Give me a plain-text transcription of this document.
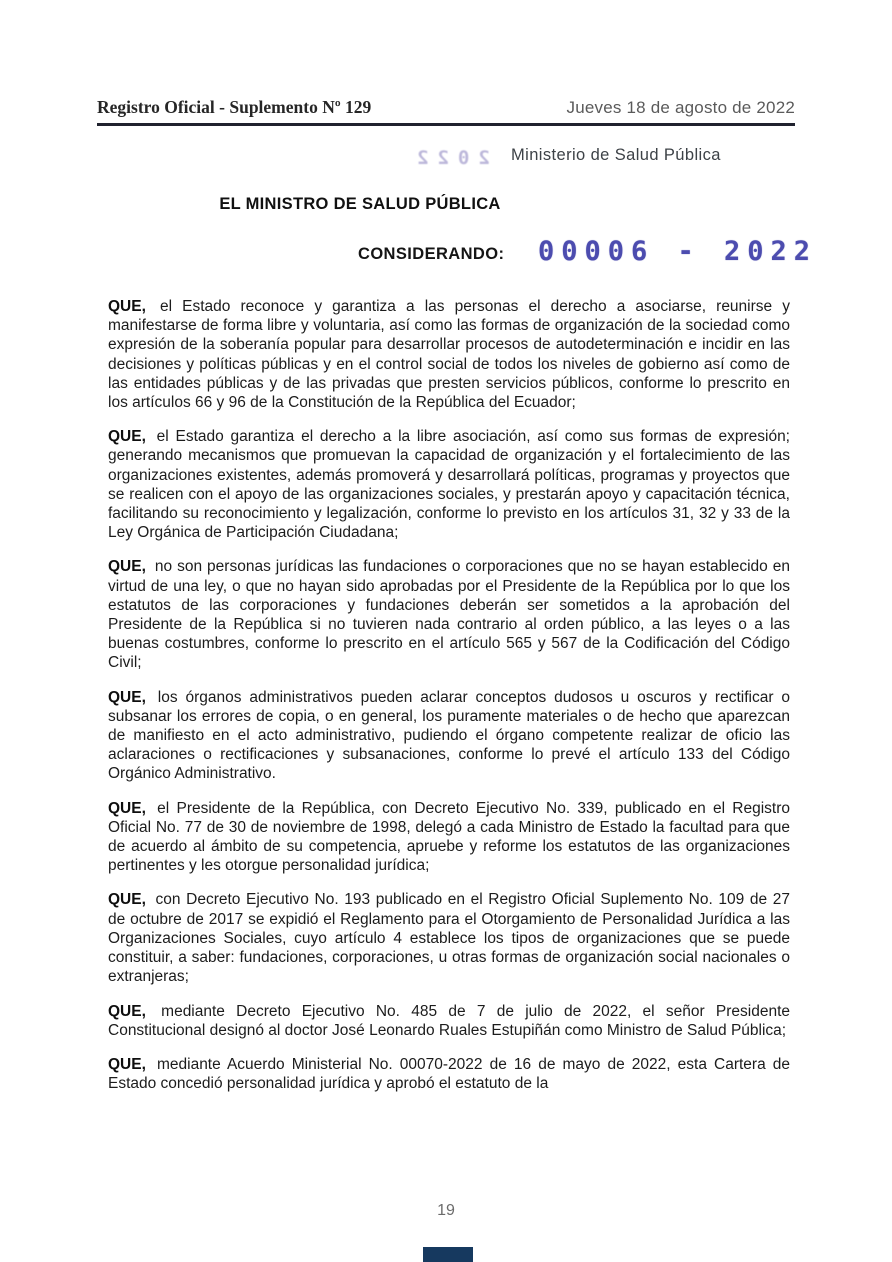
Registro Oficial - Suplemento Nº 129	Jueves 18 de agosto de 2022
2022 Ministerio de Salud Pública
EL MINISTRO DE SALUD PÚBLICA
CONSIDERANDO: 00006 - 2022

QUE, el Estado reconoce y garantiza a las personas el derecho a asociarse, reunirse y manifestarse de forma libre y voluntaria, así como las formas de organización de la sociedad como expresión de la soberanía popular para desarrollar procesos de autodeterminación e incidir en las decisiones y políticas públicas y en el control social de todos los niveles de gobierno así como de las entidades públicas y de las privadas que presten servicios públicos, conforme lo prescrito en los artículos 66 y 96 de la Constitución de la República del Ecuador;

QUE, el Estado garantiza el derecho a la libre asociación, así como sus formas de expresión; generando mecanismos que promuevan la capacidad de organización y el fortalecimiento de las organizaciones existentes, además promoverá y desarrollará políticas, programas y proyectos que se realicen con el apoyo de las organizaciones sociales, y prestarán apoyo y capacitación técnica, facilitando su reconocimiento y legalización, conforme lo previsto en los artículos 31, 32 y 33 de la Ley Orgánica de Participación Ciudadana;

QUE, no son personas jurídicas las fundaciones o corporaciones que no se hayan establecido en virtud de una ley, o que no hayan sido aprobadas por el Presidente de la República por lo que los estatutos de las corporaciones y fundaciones deberán ser sometidos a la aprobación del Presidente de la República si no tuvieren nada contrario al orden público, a las leyes o a las buenas costumbres, conforme lo prescrito en el artículo 565 y 567 de la Codificación del Código Civil;

QUE, los órganos administrativos pueden aclarar conceptos dudosos u oscuros y rectificar o subsanar los errores de copia, o en general, los puramente materiales o de hecho que aparezcan de manifiesto en el acto administrativo, pudiendo el órgano competente realizar de oficio las aclaraciones o rectificaciones y subsanaciones, conforme lo prevé el artículo 133 del Código Orgánico Administrativo.

QUE, el Presidente de la República, con Decreto Ejecutivo No. 339, publicado en el Registro Oficial No. 77 de 30 de noviembre de 1998, delegó a cada Ministro de Estado la facultad para que de acuerdo al ámbito de su competencia, apruebe y reforme los estatutos de las organizaciones pertinentes y les otorgue personalidad jurídica;

QUE, con Decreto Ejecutivo No. 193 publicado en el Registro Oficial Suplemento No. 109 de 27 de octubre de 2017 se expidió el Reglamento para el Otorgamiento de Personalidad Jurídica a las Organizaciones Sociales, cuyo artículo 4 establece los tipos de organizaciones que se puede constituir, a saber: fundaciones, corporaciones, u otras formas de organización social nacionales o extranjeras;

QUE, mediante Decreto Ejecutivo No. 485 de 7 de julio de 2022, el señor Presidente Constitucional designó al doctor José Leonardo Ruales Estupiñán como Ministro de Salud Pública;

QUE, mediante Acuerdo Ministerial No. 00070-2022 de 16 de mayo de 2022, esta Cartera de Estado concedió personalidad jurídica y aprobó el estatuto de la

19
